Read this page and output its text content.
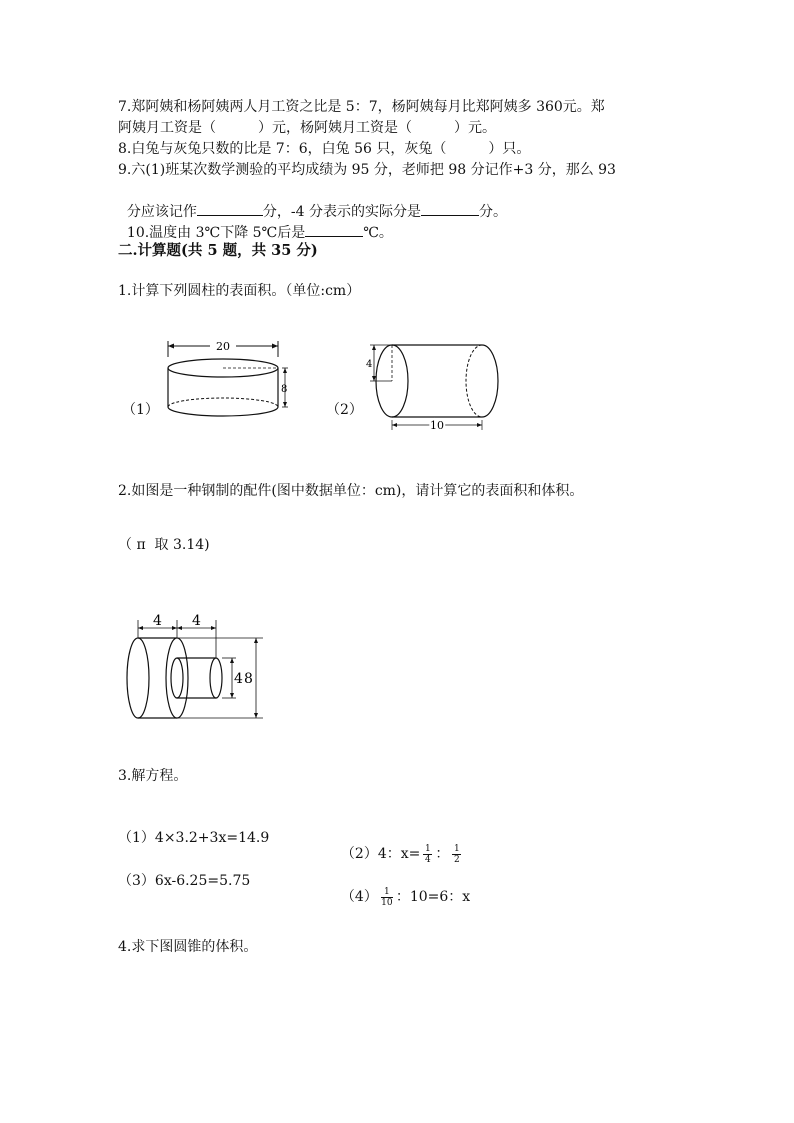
7.郑阿姨和杨阿姨两人月工资之比是 5：7，杨阿姨每月比郑阿姨多 360元。郑
阿姨月工资是（　　　）元，杨阿姨月工资是（　　　）元。
8.白兔与灰兔只数的比是 7：6，白兔 56 只，灰兔（　　　）只。
9.六(1)班某次数学测验的平均成绩为 95 分，老师把 98 分记作+3 分，那么 93

分应该记作	分，-4 分表示的实际分是	分。

10.温度由 3℃下降 5℃后是	℃。

二.计算题(共 5 题，共 35 分)
1.计算下列圆柱的表面积。（单位:cm）
（1）
20
8
（2）
4
10
2.如图是一种钢制的配件(图中数据单位：cm)，请计算它的表面积和体积。
（ π  取 3.14)
4 4
4 8
3.解方程。
（1）4×3.2+3x=14.9

（2）4：$x= \frac{1}{4}$ ： $\frac{1}{2}$

（3）6x-6.25=5.75

$(4) \frac{1}{10}$ ：10=6：x

4.求下图圆锥的体积。
